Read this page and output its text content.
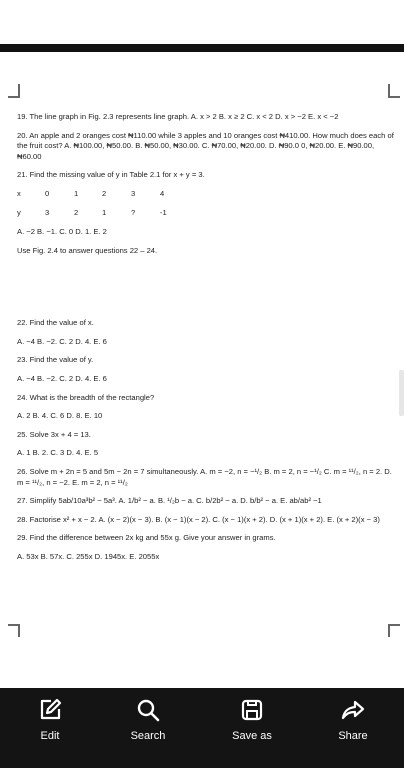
19. The line graph in Fig. 2.3 represents line graph. A. x > 2 B. x ≥ 2 C. x < 2 D. x > −2 E. x < −2

20. An apple and 2 oranges cost ₦110.00 while 3 apples and 10 oranges cost ₦410.00. How much does each of the fruit cost? A. ₦100.00, ₦50.00. B. ₦50.00, ₦30.00. C. ₦70.00, ₦20.00. D. ₦90.0 0, ₦20.00. E. ₦90.00, ₦60.00

21. Find the missing value of y in Table 2.1 for x + y = 3.

x	0	1	2	3	4
y	3	2	1	?	-1

A. −2 B. −1. C. 0 D. 1. E. 2

Use Fig. 2.4 to answer questions 22 – 24.

22. Find the value of x.

A. −4 B. −2. C. 2 D. 4. E. 6

23. Find the value of y.

A. −4 B. −2. C. 2 D. 4. E. 6

24. What is the breadth of the rectangle?

A. 2 B. 4. C. 6 D. 8. E. 10

25. Solve 3x + 4 = 13.

A. 1 B. 2. C. 3 D. 4. E. 5

26. Solve m + 2n = 5 and 5m − 2n = 7 simultaneously. A. m = −2, n = −¹/₂ B. m = 2, n = −¹/₂ C. m = ¹¹/₂, n = 2. D. m = ¹¹/₂, n = −2. E. m = 2, n = ¹¹/₂

27. Simplify 5ab/10a³b² − 5a³. A. 1/b² − a. B. ¹/₂b − a. C. b/2b² − a. D. b/b² − a. E. ab/ab² −1

28. Factorise x² + x − 2. A. (x − 2)(x − 3). B. (x − 1)(x − 2). C. (x − 1)(x + 2). D. (x + 1)(x + 2). E. (x + 2)(x − 3)

29. Find the difference between 2x kg and 55x g. Give your answer in grams.

A. 53x B. 57x. C. 255x D. 1945x. E. 2055x

Edit	Search	Save as	Share
